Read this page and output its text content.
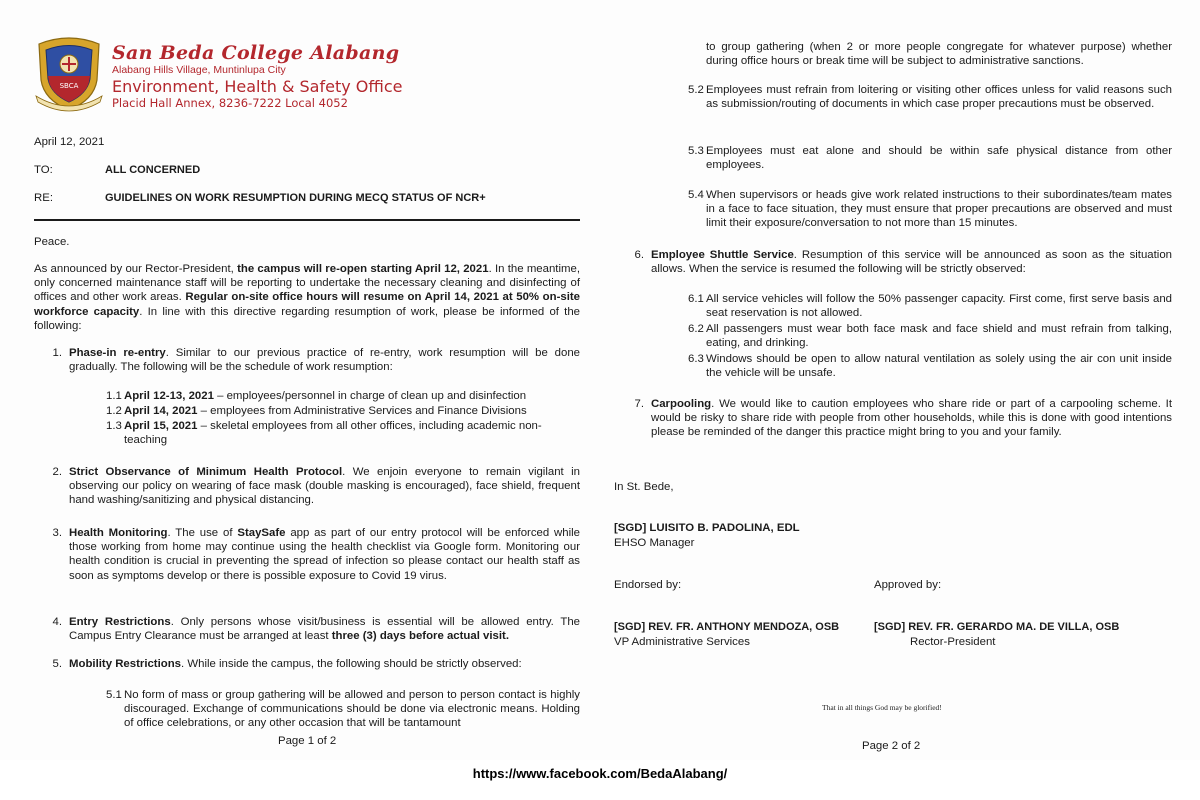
SBCA
San Beda College Alabang
Alabang Hills Village, Muntinlupa City
Environment, Health & Safety Office
Placid Hall Annex, 8236-7222 Local 4052
April 12, 2021
TO:	ALL CONCERNED
RE:	GUIDELINES ON WORK RESUMPTION DURING MECQ STATUS OF NCR+
Peace.
As announced by our Rector-President, the campus will re-open starting April 12, 2021. In the meantime, only concerned maintenance staff will be reporting to undertake the necessary cleaning and disinfecting of offices and other work areas. Regular on-site office hours will resume on April 14, 2021 at 50% on-site workforce capacity. In line with this directive regarding resumption of work, please be informed of the following:
1. Phase-in re-entry. Similar to our previous practice of re-entry, work resumption will be done gradually. The following will be the schedule of work resumption:
1.1 April 12-13, 2021 – employees/personnel in charge of clean up and disinfection
1.2 April 14, 2021 – employees from Administrative Services and Finance Divisions
1.3 April 15, 2021 – skeletal employees from all other offices, including academic non-teaching
2. Strict Observance of Minimum Health Protocol. We enjoin everyone to remain vigilant in observing our policy on wearing of face mask (double masking is encouraged), face shield, frequent hand washing/sanitizing and physical distancing.
3. Health Monitoring. The use of StaySafe app as part of our entry protocol will be enforced while those working from home may continue using the health checklist via Google form. Monitoring our health condition is crucial in preventing the spread of infection so please contact our health staff as soon as symptoms develop or there is possible exposure to Covid 19 virus.
4. Entry Restrictions. Only persons whose visit/business is essential will be allowed entry. The Campus Entry Clearance must be arranged at least three (3) days before actual visit.
5. Mobility Restrictions. While inside the campus, the following should be strictly observed:
5.1 No form of mass or group gathering will be allowed and person to person contact is highly discouraged. Exchange of communications should be done via electronic means. Holding of office celebrations, or any other occasion that will be tantamount
Page 1 of 2
to group gathering (when 2 or more people congregate for whatever purpose) whether during office hours or break time will be subject to administrative sanctions.
5.2 Employees must refrain from loitering or visiting other offices unless for valid reasons such as submission/routing of documents in which case proper precautions must be observed.
5.3 Employees must eat alone and should be within safe physical distance from other employees.
5.4 When supervisors or heads give work related instructions to their subordinates/team mates in a face to face situation, they must ensure that proper precautions are observed and must limit their exposure/conversation to not more than 15 minutes.
6. Employee Shuttle Service. Resumption of this service will be announced as soon as the situation allows. When the service is resumed the following will be strictly observed:
6.1 All service vehicles will follow the 50% passenger capacity. First come, first serve basis and seat reservation is not allowed.
6.2 All passengers must wear both face mask and face shield and must refrain from talking, eating, and drinking.
6.3 Windows should be open to allow natural ventilation as solely using the air con unit inside the vehicle will be unsafe.
7. Carpooling. We would like to caution employees who share ride or part of a carpooling scheme. It would be risky to share ride with people from other households, while this is done with good intentions please be reminded of the danger this practice might bring to you and your family.
In St. Bede,
[SGD] LUISITO B. PADOLINA, EDL
EHSO Manager
Endorsed by:	Approved by:
[SGD] REV. FR. ANTHONY MENDOZA, OSB
VP Administrative Services
[SGD] REV. FR. GERARDO MA. DE VILLA, OSB
Rector-President
That in all things God may be glorified!
Page 2 of 2
https://www.facebook.com/BedaAlabang/
